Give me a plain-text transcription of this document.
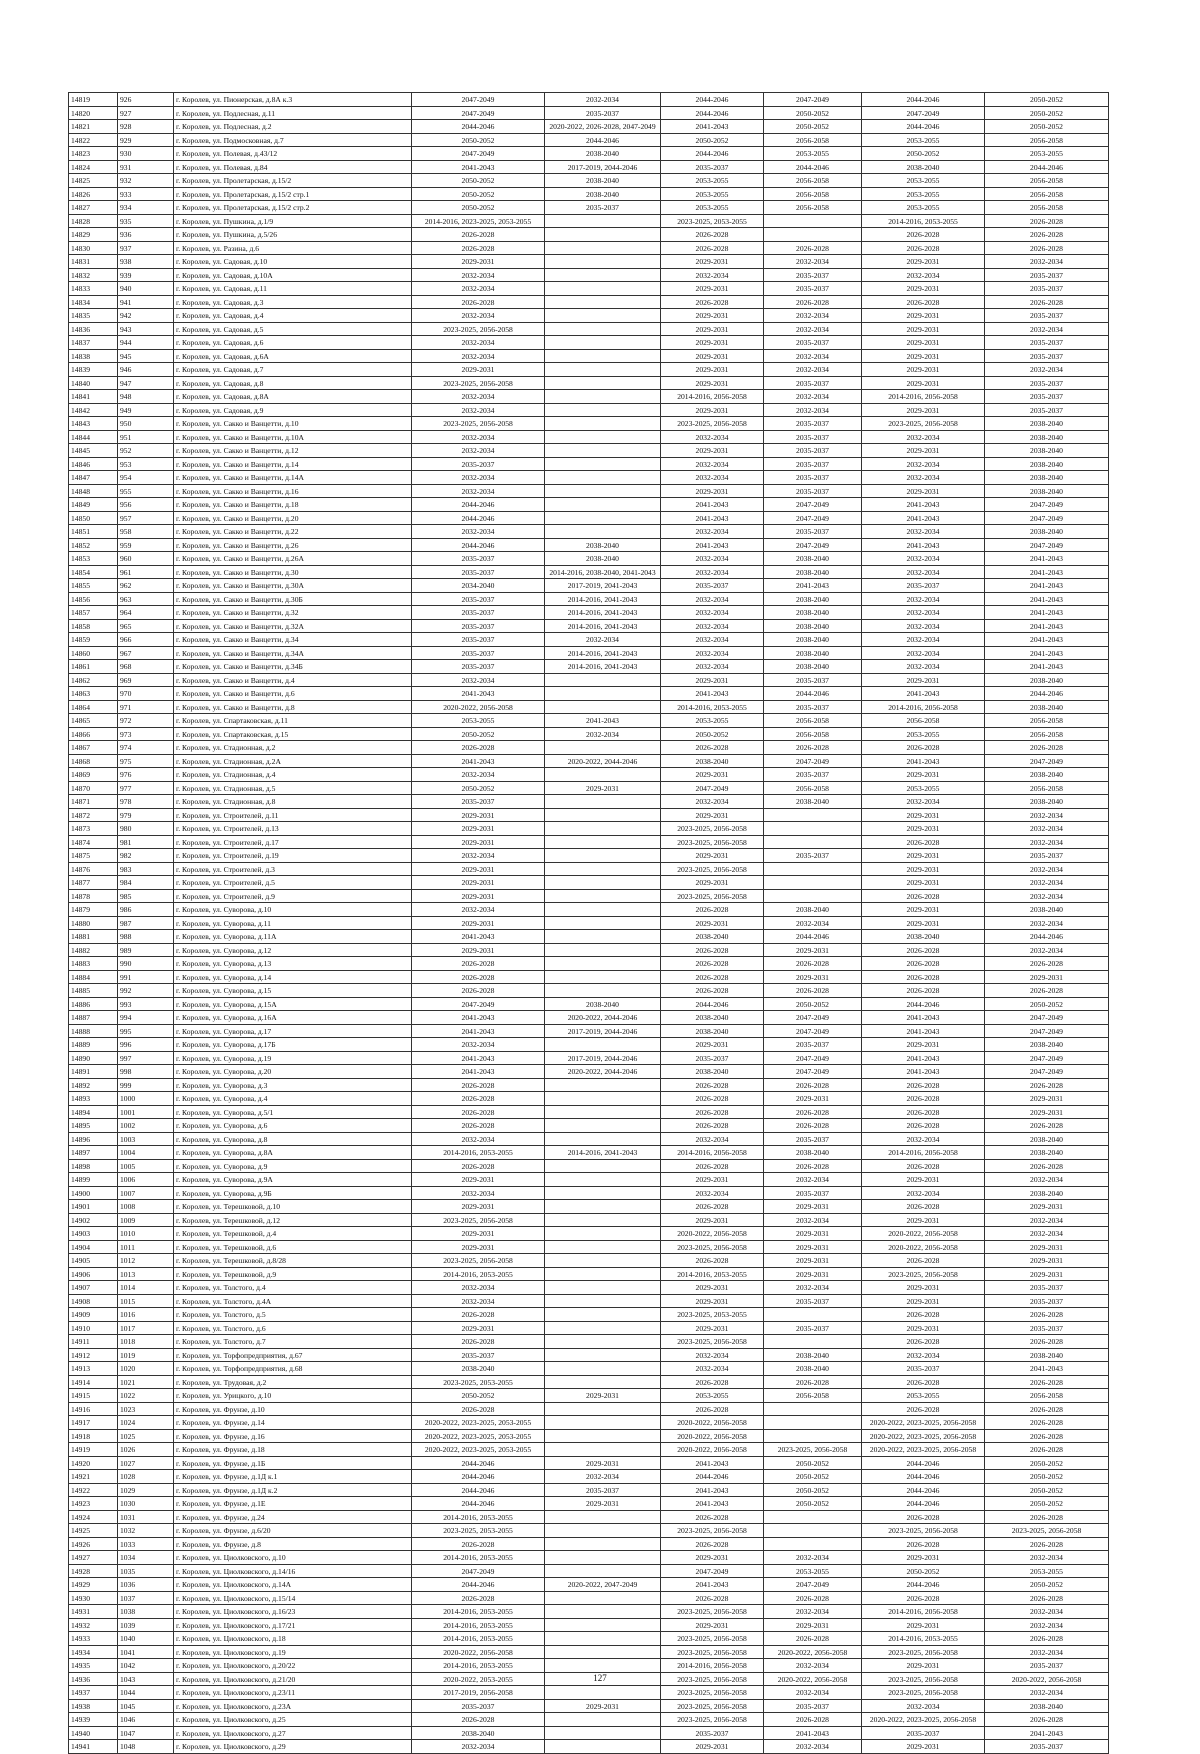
14819	926	г. Королев, ул. Пионерская, д.8А к.3	2047-2049	2032-2034	2044-2046	2047-2049	2044-2046	2050-2052
14820	927	г. Королев, ул. Подлесная, д.11	2047-2049	2035-2037	2044-2046	2050-2052	2047-2049	2050-2052
14821	928	г. Королев, ул. Подлесная, д.2	2044-2046	2020-2022, 2026-2028, 2047-2049	2041-2043	2050-2052	2044-2046	2050-2052
14822	929	г. Королев, ул. Подмосковная, д.7	2050-2052	2044-2046	2050-2052	2056-2058	2053-2055	2056-2058
14823	930	г. Королев, ул. Полевая, д.43/12	2047-2049	2038-2040	2044-2046	2053-2055	2050-2052	2053-2055
14824	931	г. Королев, ул. Полевая, д.84	2041-2043	2017-2019, 2044-2046	2035-2037	2044-2046	2038-2040	2044-2046
14825	932	г. Королев, ул. Пролетарская, д.15/2	2050-2052	2038-2040	2053-2055	2056-2058	2053-2055	2056-2058
14826	933	г. Королев, ул. Пролетарская, д.15/2 стр.1	2050-2052	2038-2040	2053-2055	2056-2058	2053-2055	2056-2058
14827	934	г. Королев, ул. Пролетарская, д.15/2 стр.2	2050-2052	2035-2037	2053-2055	2056-2058	2053-2055	2056-2058
14828	935	г. Королев, ул. Пушкина, д.1/9	2014-2016, 2023-2025, 2053-2055		2023-2025, 2053-2055		2014-2016, 2053-2055	2026-2028
14829	936	г. Королев, ул. Пушкина, д.5/26	2026-2028		2026-2028		2026-2028	2026-2028
14830	937	г. Королев, ул. Разина, д.6	2026-2028		2026-2028	2026-2028	2026-2028	2026-2028
14831	938	г. Королев, ул. Садовая, д.10	2029-2031		2029-2031	2032-2034	2029-2031	2032-2034
14832	939	г. Королев, ул. Садовая, д.10А	2032-2034		2032-2034	2035-2037	2032-2034	2035-2037
14833	940	г. Королев, ул. Садовая, д.11	2032-2034		2029-2031	2035-2037	2029-2031	2035-2037
14834	941	г. Королев, ул. Садовая, д.3	2026-2028		2026-2028	2026-2028	2026-2028	2026-2028
14835	942	г. Королев, ул. Садовая, д.4	2032-2034		2029-2031	2032-2034	2029-2031	2035-2037
14836	943	г. Королев, ул. Садовая, д.5	2023-2025, 2056-2058		2029-2031	2032-2034	2029-2031	2032-2034
14837	944	г. Королев, ул. Садовая, д.6	2032-2034		2029-2031	2035-2037	2029-2031	2035-2037
14838	945	г. Королев, ул. Садовая, д.6А	2032-2034		2029-2031	2032-2034	2029-2031	2035-2037
14839	946	г. Королев, ул. Садовая, д.7	2029-2031		2029-2031	2032-2034	2029-2031	2032-2034
14840	947	г. Королев, ул. Садовая, д.8	2023-2025, 2056-2058		2029-2031	2035-2037	2029-2031	2035-2037
14841	948	г. Королев, ул. Садовая, д.8А	2032-2034		2014-2016, 2056-2058	2032-2034	2014-2016, 2056-2058	2035-2037
14842	949	г. Королев, ул. Садовая, д.9	2032-2034		2029-2031	2032-2034	2029-2031	2035-2037
14843	950	г. Королев, ул. Сакко и Ванцетти, д.10	2023-2025, 2056-2058		2023-2025, 2056-2058	2035-2037	2023-2025, 2056-2058	2038-2040
14844	951	г. Королев, ул. Сакко и Ванцетти, д.10А	2032-2034		2032-2034	2035-2037	2032-2034	2038-2040
14845	952	г. Королев, ул. Сакко и Ванцетти, д.12	2032-2034		2029-2031	2035-2037	2029-2031	2038-2040
14846	953	г. Королев, ул. Сакко и Ванцетти, д.14	2035-2037		2032-2034	2035-2037	2032-2034	2038-2040
14847	954	г. Королев, ул. Сакко и Ванцетти, д.14А	2032-2034		2032-2034	2035-2037	2032-2034	2038-2040
14848	955	г. Королев, ул. Сакко и Ванцетти, д.16	2032-2034		2029-2031	2035-2037	2029-2031	2038-2040
14849	956	г. Королев, ул. Сакко и Ванцетти, д.18	2044-2046		2041-2043	2047-2049	2041-2043	2047-2049
14850	957	г. Королев, ул. Сакко и Ванцетти, д.20	2044-2046		2041-2043	2047-2049	2041-2043	2047-2049
14851	958	г. Королев, ул. Сакко и Ванцетти, д.22	2032-2034		2032-2034	2035-2037	2032-2034	2038-2040
14852	959	г. Королев, ул. Сакко и Ванцетти, д.26	2044-2046	2038-2040	2041-2043	2047-2049	2041-2043	2047-2049
14853	960	г. Королев, ул. Сакко и Ванцетти, д.26А	2035-2037	2038-2040	2032-2034	2038-2040	2032-2034	2041-2043
14854	961	г. Королев, ул. Сакко и Ванцетти, д.30	2035-2037	2014-2016, 2038-2040, 2041-2043	2032-2034	2038-2040	2032-2034	2041-2043
14855	962	г. Королев, ул. Сакко и Ванцетти, д.30А	2034-2040	2017-2019, 2041-2043	2035-2037	2041-2043	2035-2037	2041-2043
14856	963	г. Королев, ул. Сакко и Ванцетти, д.30Б	2035-2037	2014-2016, 2041-2043	2032-2034	2038-2040	2032-2034	2041-2043
14857	964	г. Королев, ул. Сакко и Ванцетти, д.32	2035-2037	2014-2016, 2041-2043	2032-2034	2038-2040	2032-2034	2041-2043
14858	965	г. Королев, ул. Сакко и Ванцетти, д.32А	2035-2037	2014-2016, 2041-2043	2032-2034	2038-2040	2032-2034	2041-2043
14859	966	г. Королев, ул. Сакко и Ванцетти, д.34	2035-2037	2032-2034	2032-2034	2038-2040	2032-2034	2041-2043
14860	967	г. Королев, ул. Сакко и Ванцетти, д.34А	2035-2037	2014-2016, 2041-2043	2032-2034	2038-2040	2032-2034	2041-2043
14861	968	г. Королев, ул. Сакко и Ванцетти, д.34Б	2035-2037	2014-2016, 2041-2043	2032-2034	2038-2040	2032-2034	2041-2043
14862	969	г. Королев, ул. Сакко и Ванцетти, д.4	2032-2034		2029-2031	2035-2037	2029-2031	2038-2040
14863	970	г. Королев, ул. Сакко и Ванцетти, д.6	2041-2043		2041-2043	2044-2046	2041-2043	2044-2046
14864	971	г. Королев, ул. Сакко и Ванцетти, д.8	2020-2022, 2056-2058		2014-2016, 2053-2055	2035-2037	2014-2016, 2056-2058	2038-2040
14865	972	г. Королев, ул. Спартаковская, д.11	2053-2055	2041-2043	2053-2055	2056-2058	2056-2058	2056-2058
14866	973	г. Королев, ул. Спартаковская, д.15	2050-2052	2032-2034	2050-2052	2056-2058	2053-2055	2056-2058
14867	974	г. Королев, ул. Стадионная, д.2	2026-2028		2026-2028	2026-2028	2026-2028	2026-2028
14868	975	г. Королев, ул. Стадионная, д.2А	2041-2043	2020-2022, 2044-2046	2038-2040	2047-2049	2041-2043	2047-2049
14869	976	г. Королев, ул. Стадионная, д.4	2032-2034		2029-2031	2035-2037	2029-2031	2038-2040
14870	977	г. Королев, ул. Стадионная, д.5	2050-2052	2029-2031	2047-2049	2056-2058	2053-2055	2056-2058
14871	978	г. Королев, ул. Стадионная, д.8	2035-2037		2032-2034	2038-2040	2032-2034	2038-2040
14872	979	г. Королев, ул. Строителей, д.11	2029-2031		2029-2031		2029-2031	2032-2034
14873	980	г. Королев, ул. Строителей, д.13	2029-2031		2023-2025, 2056-2058		2029-2031	2032-2034
14874	981	г. Королев, ул. Строителей, д.17	2029-2031		2023-2025, 2056-2058		2026-2028	2032-2034
14875	982	г. Королев, ул. Строителей, д.19	2032-2034		2029-2031	2035-2037	2029-2031	2035-2037
14876	983	г. Королев, ул. Строителей, д.3	2029-2031		2023-2025, 2056-2058		2029-2031	2032-2034
14877	984	г. Королев, ул. Строителей, д.5	2029-2031		2029-2031		2029-2031	2032-2034
14878	985	г. Королев, ул. Строителей, д.9	2029-2031		2023-2025, 2056-2058		2026-2028	2032-2034
14879	986	г. Королев, ул. Суворова, д.10	2032-2034		2026-2028	2038-2040	2029-2031	2038-2040
14880	987	г. Королев, ул. Суворова, д.11	2029-2031		2029-2031	2032-2034	2029-2031	2032-2034
14881	988	г. Королев, ул. Суворова, д.11А	2041-2043		2038-2040	2044-2046	2038-2040	2044-2046
14882	989	г. Королев, ул. Суворова, д.12	2029-2031		2026-2028	2029-2031	2026-2028	2032-2034
14883	990	г. Королев, ул. Суворова, д.13	2026-2028		2026-2028	2026-2028	2026-2028	2026-2028
14884	991	г. Королев, ул. Суворова, д.14	2026-2028		2026-2028	2029-2031	2026-2028	2029-2031
14885	992	г. Королев, ул. Суворова, д.15	2026-2028		2026-2028	2026-2028	2026-2028	2026-2028
14886	993	г. Королев, ул. Суворова, д.15А	2047-2049	2038-2040	2044-2046	2050-2052	2044-2046	2050-2052
14887	994	г. Королев, ул. Суворова, д.16А	2041-2043	2020-2022, 2044-2046	2038-2040	2047-2049	2041-2043	2047-2049
14888	995	г. Королев, ул. Суворова, д.17	2041-2043	2017-2019, 2044-2046	2038-2040	2047-2049	2041-2043	2047-2049
14889	996	г. Королев, ул. Суворова, д.17Б	2032-2034		2029-2031	2035-2037	2029-2031	2038-2040
14890	997	г. Королев, ул. Суворова, д.19	2041-2043	2017-2019, 2044-2046	2035-2037	2047-2049	2041-2043	2047-2049
14891	998	г. Королев, ул. Суворова, д.20	2041-2043	2020-2022, 2044-2046	2038-2040	2047-2049	2041-2043	2047-2049
14892	999	г. Королев, ул. Суворова, д.3	2026-2028		2026-2028	2026-2028	2026-2028	2026-2028
14893	1000	г. Королев, ул. Суворова, д.4	2026-2028		2026-2028	2029-2031	2026-2028	2029-2031
14894	1001	г. Королев, ул. Суворова, д.5/1	2026-2028		2026-2028	2026-2028	2026-2028	2029-2031
14895	1002	г. Королев, ул. Суворова, д.6	2026-2028		2026-2028	2026-2028	2026-2028	2026-2028
14896	1003	г. Королев, ул. Суворова, д.8	2032-2034		2032-2034	2035-2037	2032-2034	2038-2040
14897	1004	г. Королев, ул. Суворова, д.8А	2014-2016, 2053-2055	2014-2016, 2041-2043	2014-2016, 2056-2058	2038-2040	2014-2016, 2056-2058	2038-2040
14898	1005	г. Королев, ул. Суворова, д.9	2026-2028		2026-2028	2026-2028	2026-2028	2026-2028
14899	1006	г. Королев, ул. Суворова, д.9А	2029-2031		2029-2031	2032-2034	2029-2031	2032-2034
14900	1007	г. Королев, ул. Суворова, д.9Б	2032-2034		2032-2034	2035-2037	2032-2034	2038-2040
14901	1008	г. Королев, ул. Терешковой, д.10	2029-2031		2026-2028	2029-2031	2026-2028	2029-2031
14902	1009	г. Королев, ул. Терешковой, д.12	2023-2025, 2056-2058		2029-2031	2032-2034	2029-2031	2032-2034
14903	1010	г. Королев, ул. Терешковой, д.4	2029-2031		2020-2022, 2056-2058	2029-2031	2020-2022, 2056-2058	2032-2034
14904	1011	г. Королев, ул. Терешковой, д.6	2029-2031		2023-2025, 2056-2058	2029-2031	2020-2022, 2056-2058	2029-2031
14905	1012	г. Королев, ул. Терешковой, д.8/28	2023-2025, 2056-2058		2026-2028	2029-2031	2026-2028	2029-2031
14906	1013	г. Королев, ул. Терешковой, д.9	2014-2016, 2053-2055		2014-2016, 2053-2055	2029-2031	2023-2025, 2056-2058	2029-2031
14907	1014	г. Королев, ул. Толстого, д.4	2032-2034		2029-2031	2032-2034	2029-2031	2035-2037
14908	1015	г. Королев, ул. Толстого, д.4А	2032-2034		2029-2031	2035-2037	2029-2031	2035-2037
14909	1016	г. Королев, ул. Толстого, д.5	2026-2028		2023-2025, 2053-2055		2026-2028	2026-2028
14910	1017	г. Королев, ул. Толстого, д.6	2029-2031		2029-2031	2035-2037	2029-2031	2035-2037
14911	1018	г. Королев, ул. Толстого, д.7	2026-2028		2023-2025, 2056-2058		2026-2028	2026-2028
14912	1019	г. Королев, ул. Торфопредприятия, д.67	2035-2037		2032-2034	2038-2040	2032-2034	2038-2040
14913	1020	г. Королев, ул. Торфопредприятия, д.68	2038-2040		2032-2034	2038-2040	2035-2037	2041-2043
14914	1021	г. Королев, ул. Трудовая, д.2	2023-2025, 2053-2055		2026-2028	2026-2028	2026-2028	2026-2028
14915	1022	г. Королев, ул. Урицкого, д.10	2050-2052	2029-2031	2053-2055	2056-2058	2053-2055	2056-2058
14916	1023	г. Королев, ул. Фрунзе, д.10	2026-2028		2026-2028		2026-2028	2026-2028
14917	1024	г. Королев, ул. Фрунзе, д.14	2020-2022, 2023-2025, 2053-2055		2020-2022, 2056-2058		2020-2022, 2023-2025, 2056-2058	2026-2028
14918	1025	г. Королев, ул. Фрунзе, д.16	2020-2022, 2023-2025, 2053-2055		2020-2022, 2056-2058		2020-2022, 2023-2025, 2056-2058	2026-2028
14919	1026	г. Королев, ул. Фрунзе, д.18	2020-2022, 2023-2025, 2053-2055		2020-2022, 2056-2058	2023-2025, 2056-2058	2020-2022, 2023-2025, 2056-2058	2026-2028
14920	1027	г. Королев, ул. Фрунзе, д.1Б	2044-2046	2029-2031	2041-2043	2050-2052	2044-2046	2050-2052
14921	1028	г. Королев, ул. Фрунзе, д.1Д к.1	2044-2046	2032-2034	2044-2046	2050-2052	2044-2046	2050-2052
14922	1029	г. Королев, ул. Фрунзе, д.1Д к.2	2044-2046	2035-2037	2041-2043	2050-2052	2044-2046	2050-2052
14923	1030	г. Королев, ул. Фрунзе, д.1Е	2044-2046	2029-2031	2041-2043	2050-2052	2044-2046	2050-2052
14924	1031	г. Королев, ул. Фрунзе, д.24	2014-2016, 2053-2055		2026-2028		2026-2028	2026-2028
14925	1032	г. Королев, ул. Фрунзе, д.6/20	2023-2025, 2053-2055		2023-2025, 2056-2058		2023-2025, 2056-2058	2023-2025, 2056-2058
14926	1033	г. Королев, ул. Фрунзе, д.8	2026-2028		2026-2028		2026-2028	2026-2028
14927	1034	г. Королев, ул. Циолковского, д.10	2014-2016, 2053-2055		2029-2031	2032-2034	2029-2031	2032-2034
14928	1035	г. Королев, ул. Циолковского, д.14/16	2047-2049		2047-2049	2053-2055	2050-2052	2053-2055
14929	1036	г. Королев, ул. Циолковского, д.14А	2044-2046	2020-2022, 2047-2049	2041-2043	2047-2049	2044-2046	2050-2052
14930	1037	г. Королев, ул. Циолковского, д.15/14	2026-2028		2026-2028	2026-2028	2026-2028	2026-2028
14931	1038	г. Королев, ул. Циолковского, д.16/23	2014-2016, 2053-2055		2023-2025, 2056-2058	2032-2034	2014-2016, 2056-2058	2032-2034
14932	1039	г. Королев, ул. Циолковского, д.17/21	2014-2016, 2053-2055		2029-2031	2029-2031	2029-2031	2032-2034
14933	1040	г. Королев, ул. Циолковского, д.18	2014-2016, 2053-2055		2023-2025, 2056-2058	2026-2028	2014-2016, 2053-2055	2026-2028
14934	1041	г. Королев, ул. Циолковского, д.19	2020-2022, 2056-2058		2023-2025, 2056-2058	2020-2022, 2056-2058	2023-2025, 2056-2058	2032-2034
14935	1042	г. Королев, ул. Циолковского, д.20/22	2014-2016, 2053-2055		2014-2016, 2056-2058	2032-2034	2029-2031	2035-2037
14936	1043	г. Королев, ул. Циолковского, д.21/20	2020-2022, 2053-2055		2023-2025, 2056-2058	2020-2022, 2056-2058	2023-2025, 2056-2058	2020-2022, 2056-2058
14937	1044	г. Королев, ул. Циолковского, д.23/11	2017-2019, 2056-2058		2023-2025, 2056-2058	2032-2034	2023-2025, 2056-2058	2032-2034
14938	1045	г. Королев, ул. Циолковского, д.23А	2035-2037	2029-2031	2023-2025, 2056-2058	2035-2037	2032-2034	2038-2040
14939	1046	г. Королев, ул. Циолковского, д.25	2026-2028		2023-2025, 2056-2058	2026-2028	2020-2022, 2023-2025, 2056-2058	2026-2028
14940	1047	г. Королев, ул. Циолковского, д.27	2038-2040		2035-2037	2041-2043	2035-2037	2041-2043
14941	1048	г. Королев, ул. Циолковского, д.29	2032-2034		2029-2031	2032-2034	2029-2031	2035-2037
127
